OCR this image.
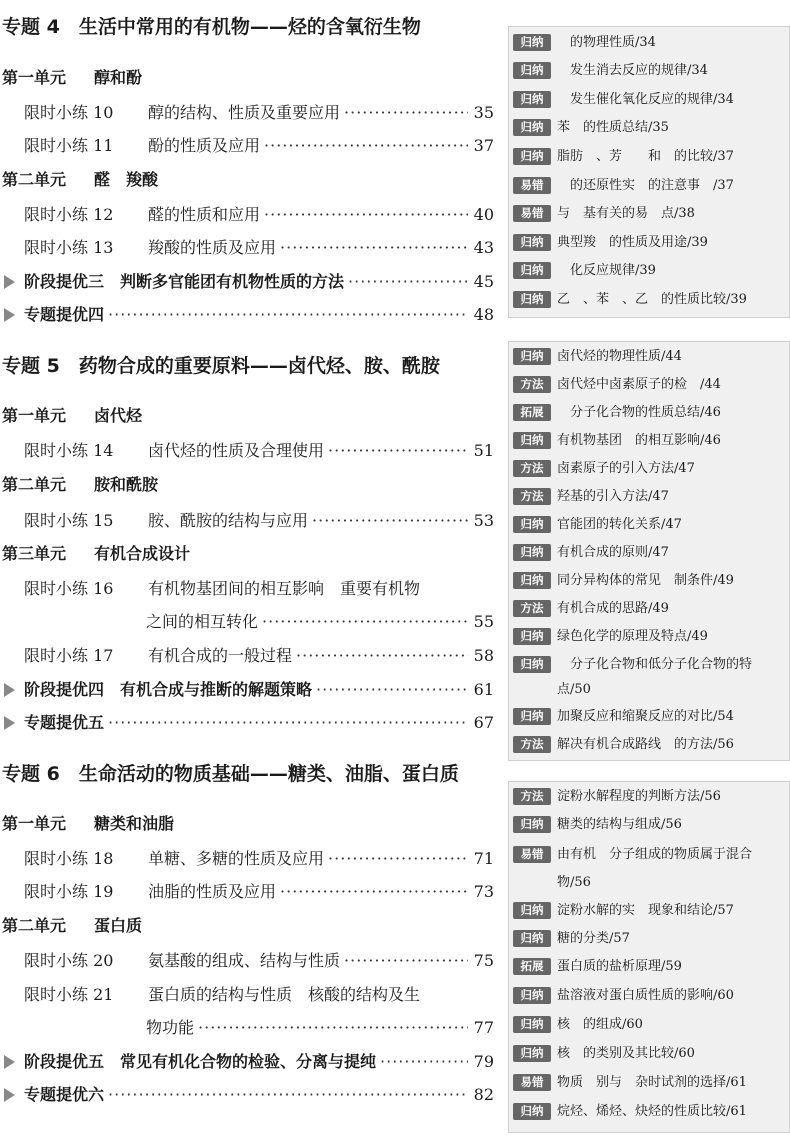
专题 4　生活中常用的有机物——烃的含氧衍生物
第一单元 醇和酚
限时小练 10	醇的结构、性质及重要应用 ·····	35
限时小练 11	酚的性质及应用 ·····	37
第二单元 醛　羧酸
限时小练 12	醛的性质和应用 ·····	40
限时小练 13	羧酸的性质及应用 ·····	43
阶段提优三　判断多官能团有机物性质的方法 ·····	45
专题提优四 ·····	48
归纳　的物理性质/34
归纳　发生消去反应的规律/34
归纳　发生催化氧化反应的规律/34
归纳 苯　的性质总结/35
归纳 脂肪　、芳　　和　的比较/37
易错　的还原性实　的注意事　/37
易错 与　基有关的易　点/38
归纳 典型羧　的性质及用途/39
归纳　化反应规律/39
归纳 乙　、苯　、乙　的性质比较/39
专题 5　药物合成的重要原料——卤代烃、胺、酰胺
第一单元 卤代烃
限时小练 14	卤代烃的性质及合理使用 ·····	51
第二单元 胺和酰胺
限时小练 15	胺、酰胺的结构与应用 ·····	53
第三单元 有机合成设计
限时小练 16	有机物基团间的相互影响　重要有机物
之间的相互转化 ·····	55
限时小练 17	有机合成的一般过程 ·····	58
阶段提优四　有机合成与推断的解题策略 ·····	61
专题提优五 ·····	67
归纳 卤代烃的物理性质/44
方法 卤代烃中卤素原子的检　/44
拓展　分子化合物的性质总结/46
归纳 有机物基团　的相互影响/46
方法 卤素原子的引入方法/47
方法 羟基的引入方法/47
归纳 官能团的转化关系/47
归纳 有机合成的原则/47
归纳 同分异构体的常见　制条件/49
方法 有机合成的思路/49
归纳 绿色化学的原理及特点/49
归纳　分子化合物和低分子化合物的特
点/50
归纳 加聚反应和缩聚反应的对比/54
方法 解决有机合成路线　的方法/56
专题 6　生命活动的物质基础——糖类、油脂、蛋白质
第一单元 糖类和油脂
限时小练 18	单糖、多糖的性质及应用 ·····	71
限时小练 19	油脂的性质及应用 ·····	73
第二单元 蛋白质
限时小练 20	氨基酸的组成、结构与性质 ·····	75
限时小练 21	蛋白质的结构与性质　核酸的结构及生
物功能 ·····	77
阶段提优五　常见有机化合物的检验、分离与提纯 ·····	79
专题提优六 ·····	82
方法 淀粉水解程度的判断方法/56
归纳 糖类的结构与组成/56
易错 由有机　分子组成的物质属于混合
物/56
归纳 淀粉水解的实　现象和结论/57
归纳 糖的分类/57
拓展 蛋白质的盐析原理/59
归纳 盐溶液对蛋白质性质的影响/60
归纳 核　的组成/60
归纳 核　的类别及其比较/60
易错 物质　别与　杂时试剂的选择/61
归纳 烷烃、烯烃、炔烃的性质比较/61
